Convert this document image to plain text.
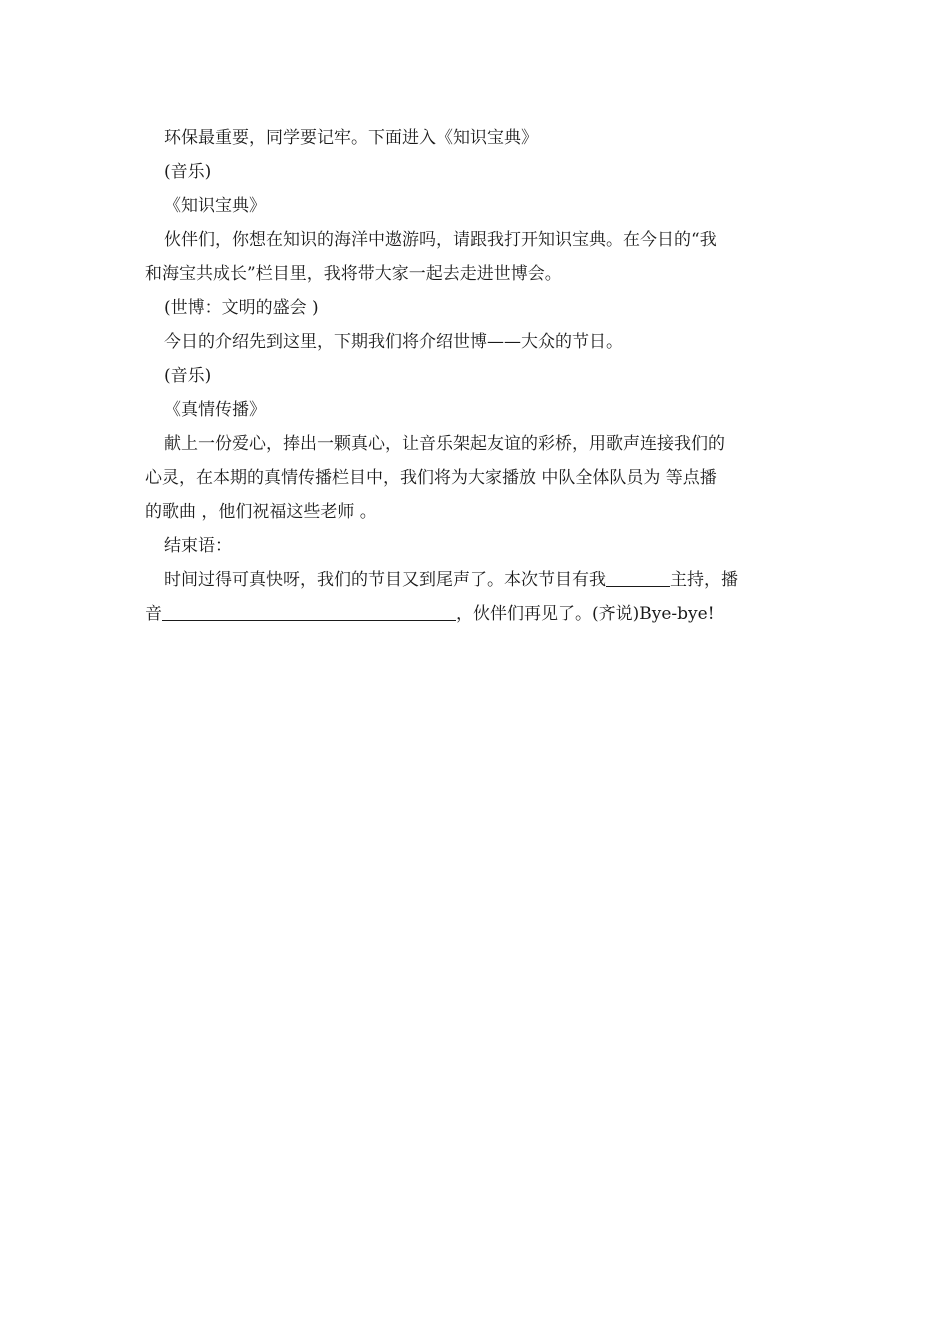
环保最重要，同学要记牢。下面进入《知识宝典》
(音乐)
《知识宝典》
伙伴们，你想在知识的海洋中遨游吗，请跟我打开知识宝典。在今日的“我
和海宝共成长”栏目里，我将带大家一起去走进世博会。
(世博：文明的盛会 )
今日的介绍先到这里，下期我们将介绍世博——大众的节日。
(音乐)
《真情传播》
献上一份爱心，捧出一颗真心，让音乐架起友谊的彩桥，用歌声连接我们的
心灵，在本期的真情传播栏目中，我们将为大家播放 中队全体队员为 等点播
的歌曲 ，他们祝福这些老师 。
结束语：
时间过得可真快呀，我们的节目又到尾声了。本次节目有我	主持，播
音	，伙伴们再见了。(齐说)Bye-bye!
